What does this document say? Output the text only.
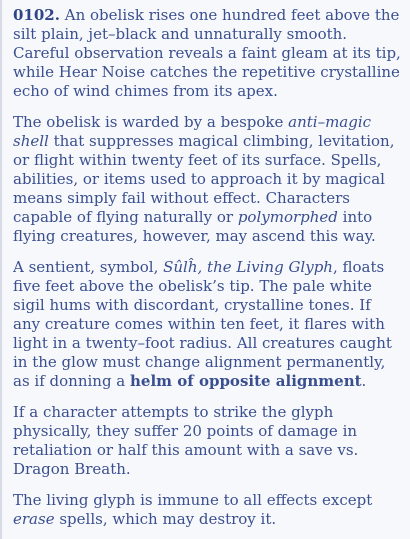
0102. An obelisk rises one hundred feet above the silt plain, jet–black and unnaturally smooth. Careful observation reveals a faint gleam at its tip, while Hear Noise catches the repetitive crystalline echo of wind chimes from its apex.

The obelisk is warded by a bespoke anti–magic shell that suppresses magical climbing, levitation, or flight within twenty feet of its surface. Spells, abilities, or items used to approach it by magical means simply fail without effect. Characters capable of flying naturally or polymorphed into flying creatures, however, may ascend this way.

A sentient, symbol, Sûlĥ, the Living Glyph, floats five feet above the obelisk’s tip. The pale white sigil hums with discordant, crystalline tones. If any creature comes within ten feet, it flares with light in a twenty–foot radius. All creatures caught in the glow must change alignment permanently, as if donning a helm of opposite alignment.

If a character attempts to strike the glyph physically, they suffer 20 points of damage in retaliation or half this amount with a save vs. Dragon Breath.

The living glyph is immune to all effects except erase spells, which may destroy it.
